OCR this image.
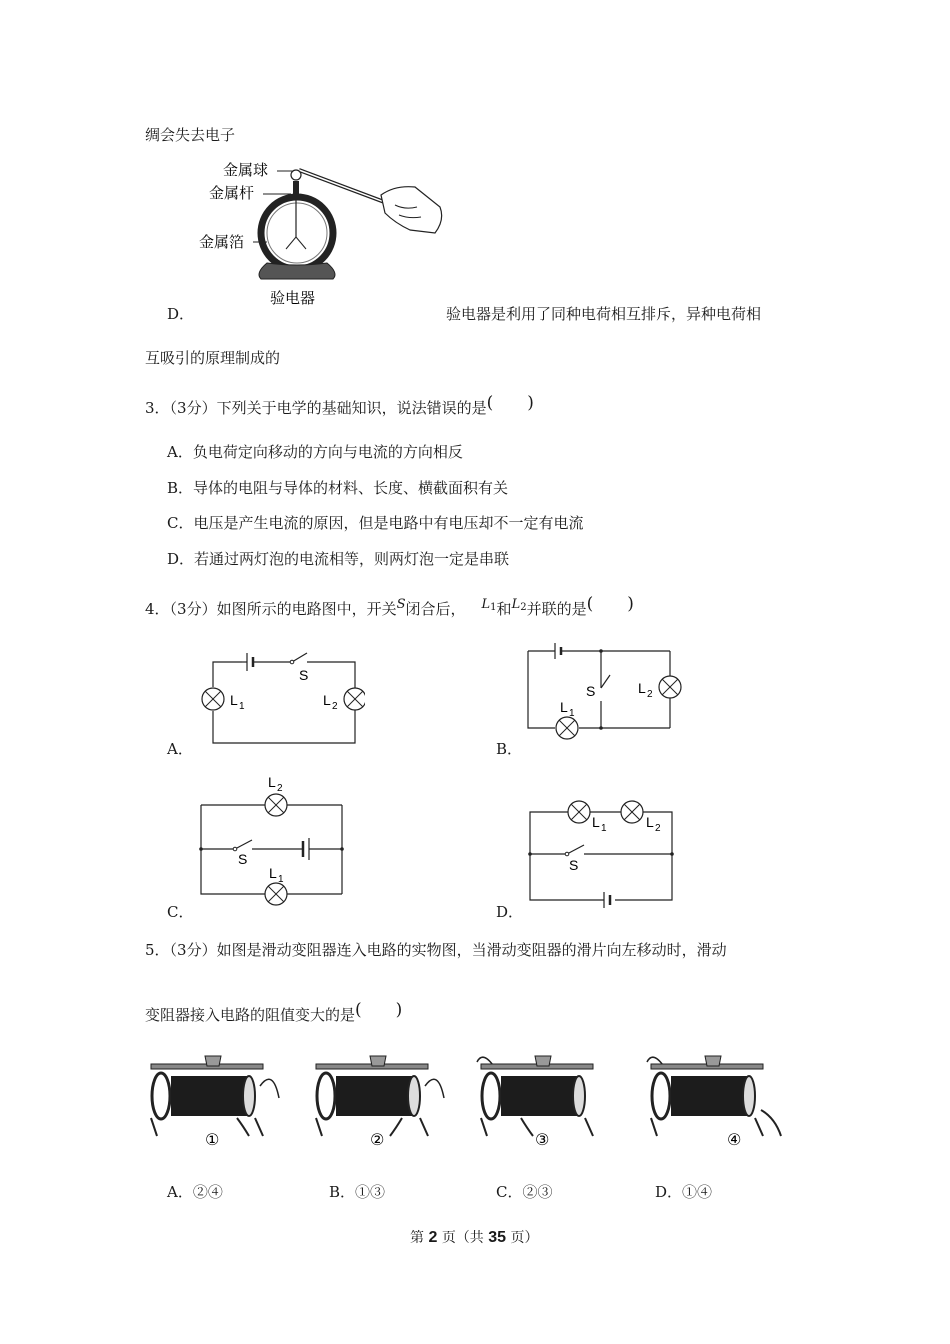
绸会失去电子
金属球
金属杆
金属箔
验电器
D．	验电器是利用了同种电荷相互排斥，异种电荷相
互吸引的原理制成的
3．（3分）下列关于电学的基础知识，说法错误的是( )
A．负电荷定向移动的方向与电流的方向相反
B．导体的电阻与导体的材料、长度、横截面积有关
C．电压是产生电流的原因，但是电路中有电压却不一定有电流
D．若通过两灯泡的电流相等，则两灯泡一定是串联
4．（3分）如图所示的电路图中，开关S闭合后， $L^1$和$L^2$并联的是( )
S
L 1	L 2
A．
S
L 1
L 2
B．
S
L 2
L 1
C．
S
L 1	L 2
D．
5．（3分）如图是滑动变阻器连入电路的实物图，当滑动变阻器的滑片向左移动时，滑动
变阻器接入电路的阻值变大的是( )
①	②	③	④
A．②④	B．①③	C．②③	D．①④
第 2 页（共 35 页）
